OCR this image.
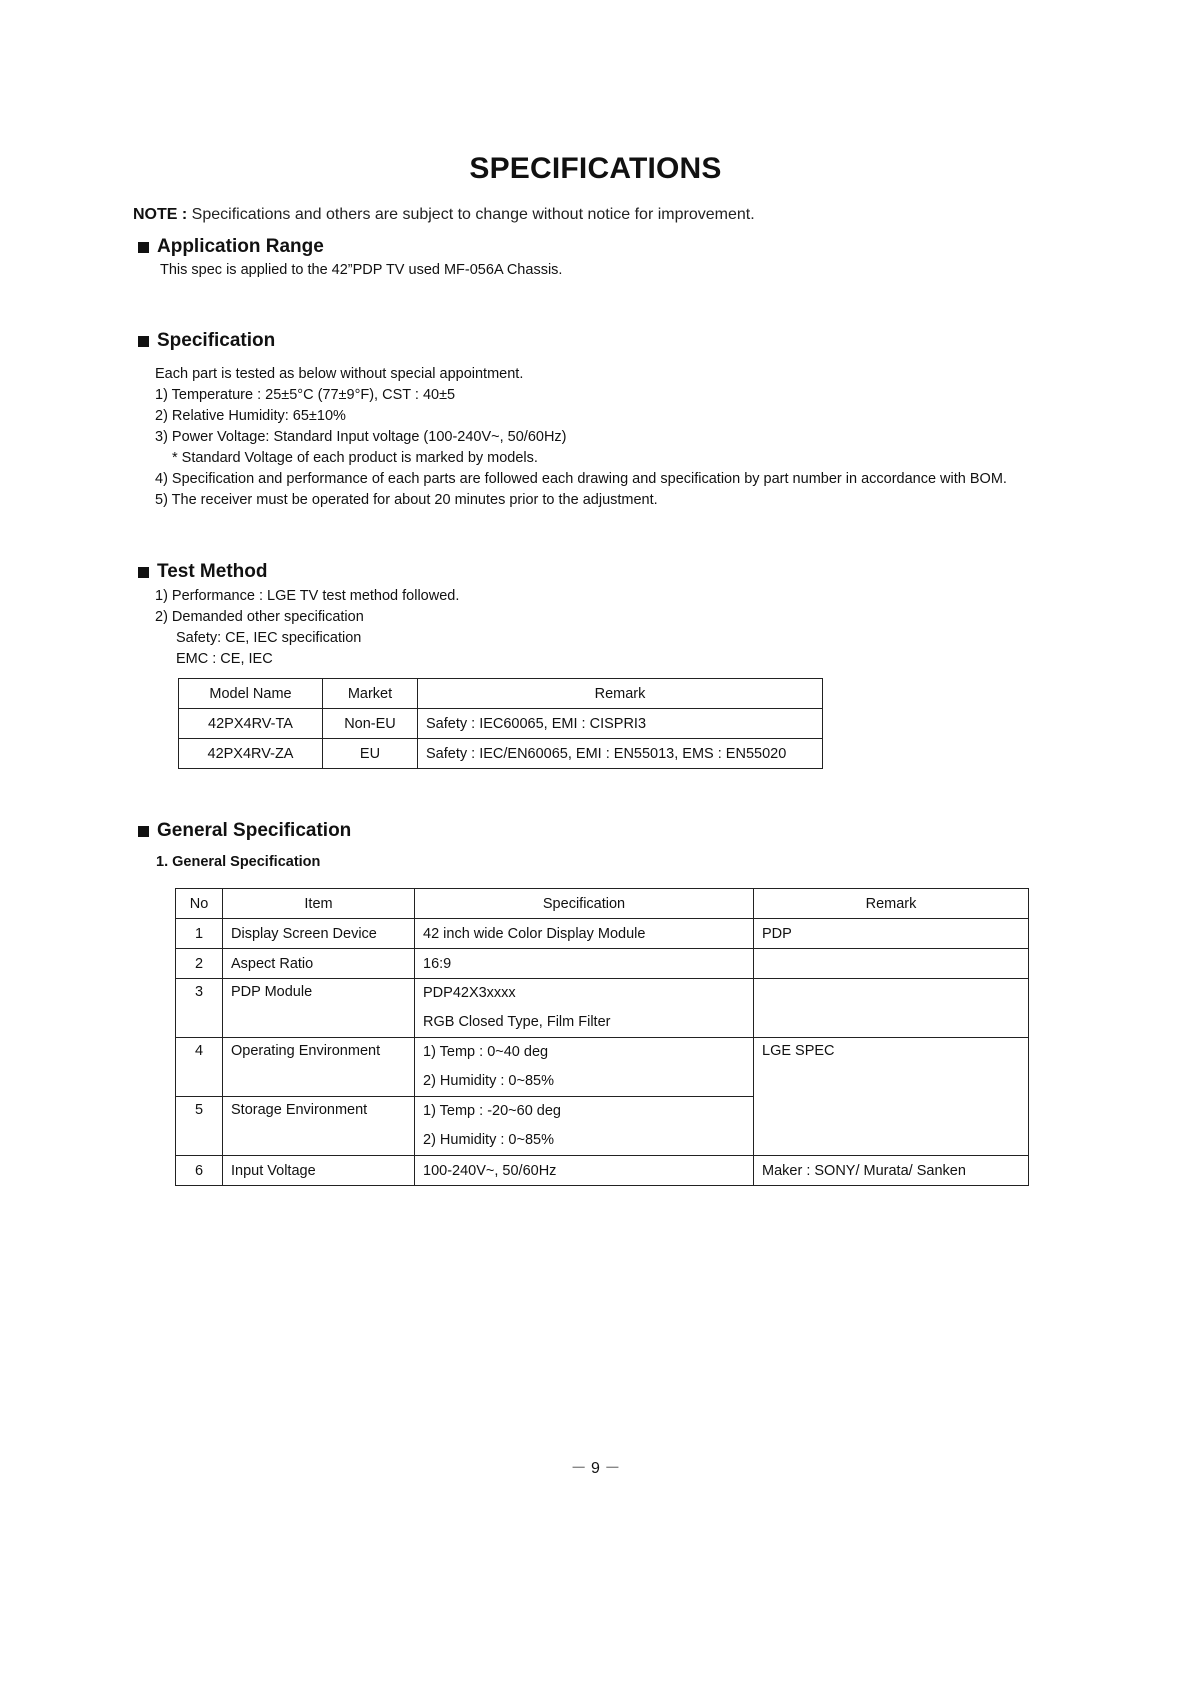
SPECIFICATIONS
NOTE : Specifications and others are subject to change without notice for improvement.
Application Range
This spec is applied to the 42”PDP TV used MF-056A Chassis.
Specification
Each part is tested as below without special appointment.
1) Temperature : 25±5°C (77±9°F), CST : 40±5
2) Relative Humidity: 65±10%
3) Power Voltage: Standard Input voltage (100-240V~, 50/60Hz)
* Standard Voltage of each product is marked by models.
4) Specification and performance of each parts are followed each drawing and specification by part number in accordance with BOM.
5) The receiver must be operated for about 20 minutes prior to the adjustment.
Test Method
1) Performance : LGE TV test method followed.
2) Demanded other specification
Safety: CE, IEC specification
EMC : CE, IEC
Model Name	Market	Remark
42PX4RV-TA	Non-EU	Safety : IEC60065, EMI : CISPRI3
42PX4RV-ZA	EU	Safety : IEC/EN60065, EMI : EN55013, EMS : EN55020
General Specification
1. General Specification
No	Item	Specification	Remark
1	Display Screen Device	42 inch wide Color Display Module	PDP
2	Aspect Ratio	16:9	
3	PDP Module	PDP42X3xxxx
RGB Closed Type, Film Filter	

4	Operating Environment	1) Temp : 0~40 deg
2) Humidity : 0~85%	LGE SPEC
5	Storage Environment	1) Temp : -20~60 deg
2) Humidity : 0~85%	

6	Input Voltage	100-240V~, 50/60Hz	Maker : SONY/ Murata/ Sanken
－ 9 －
